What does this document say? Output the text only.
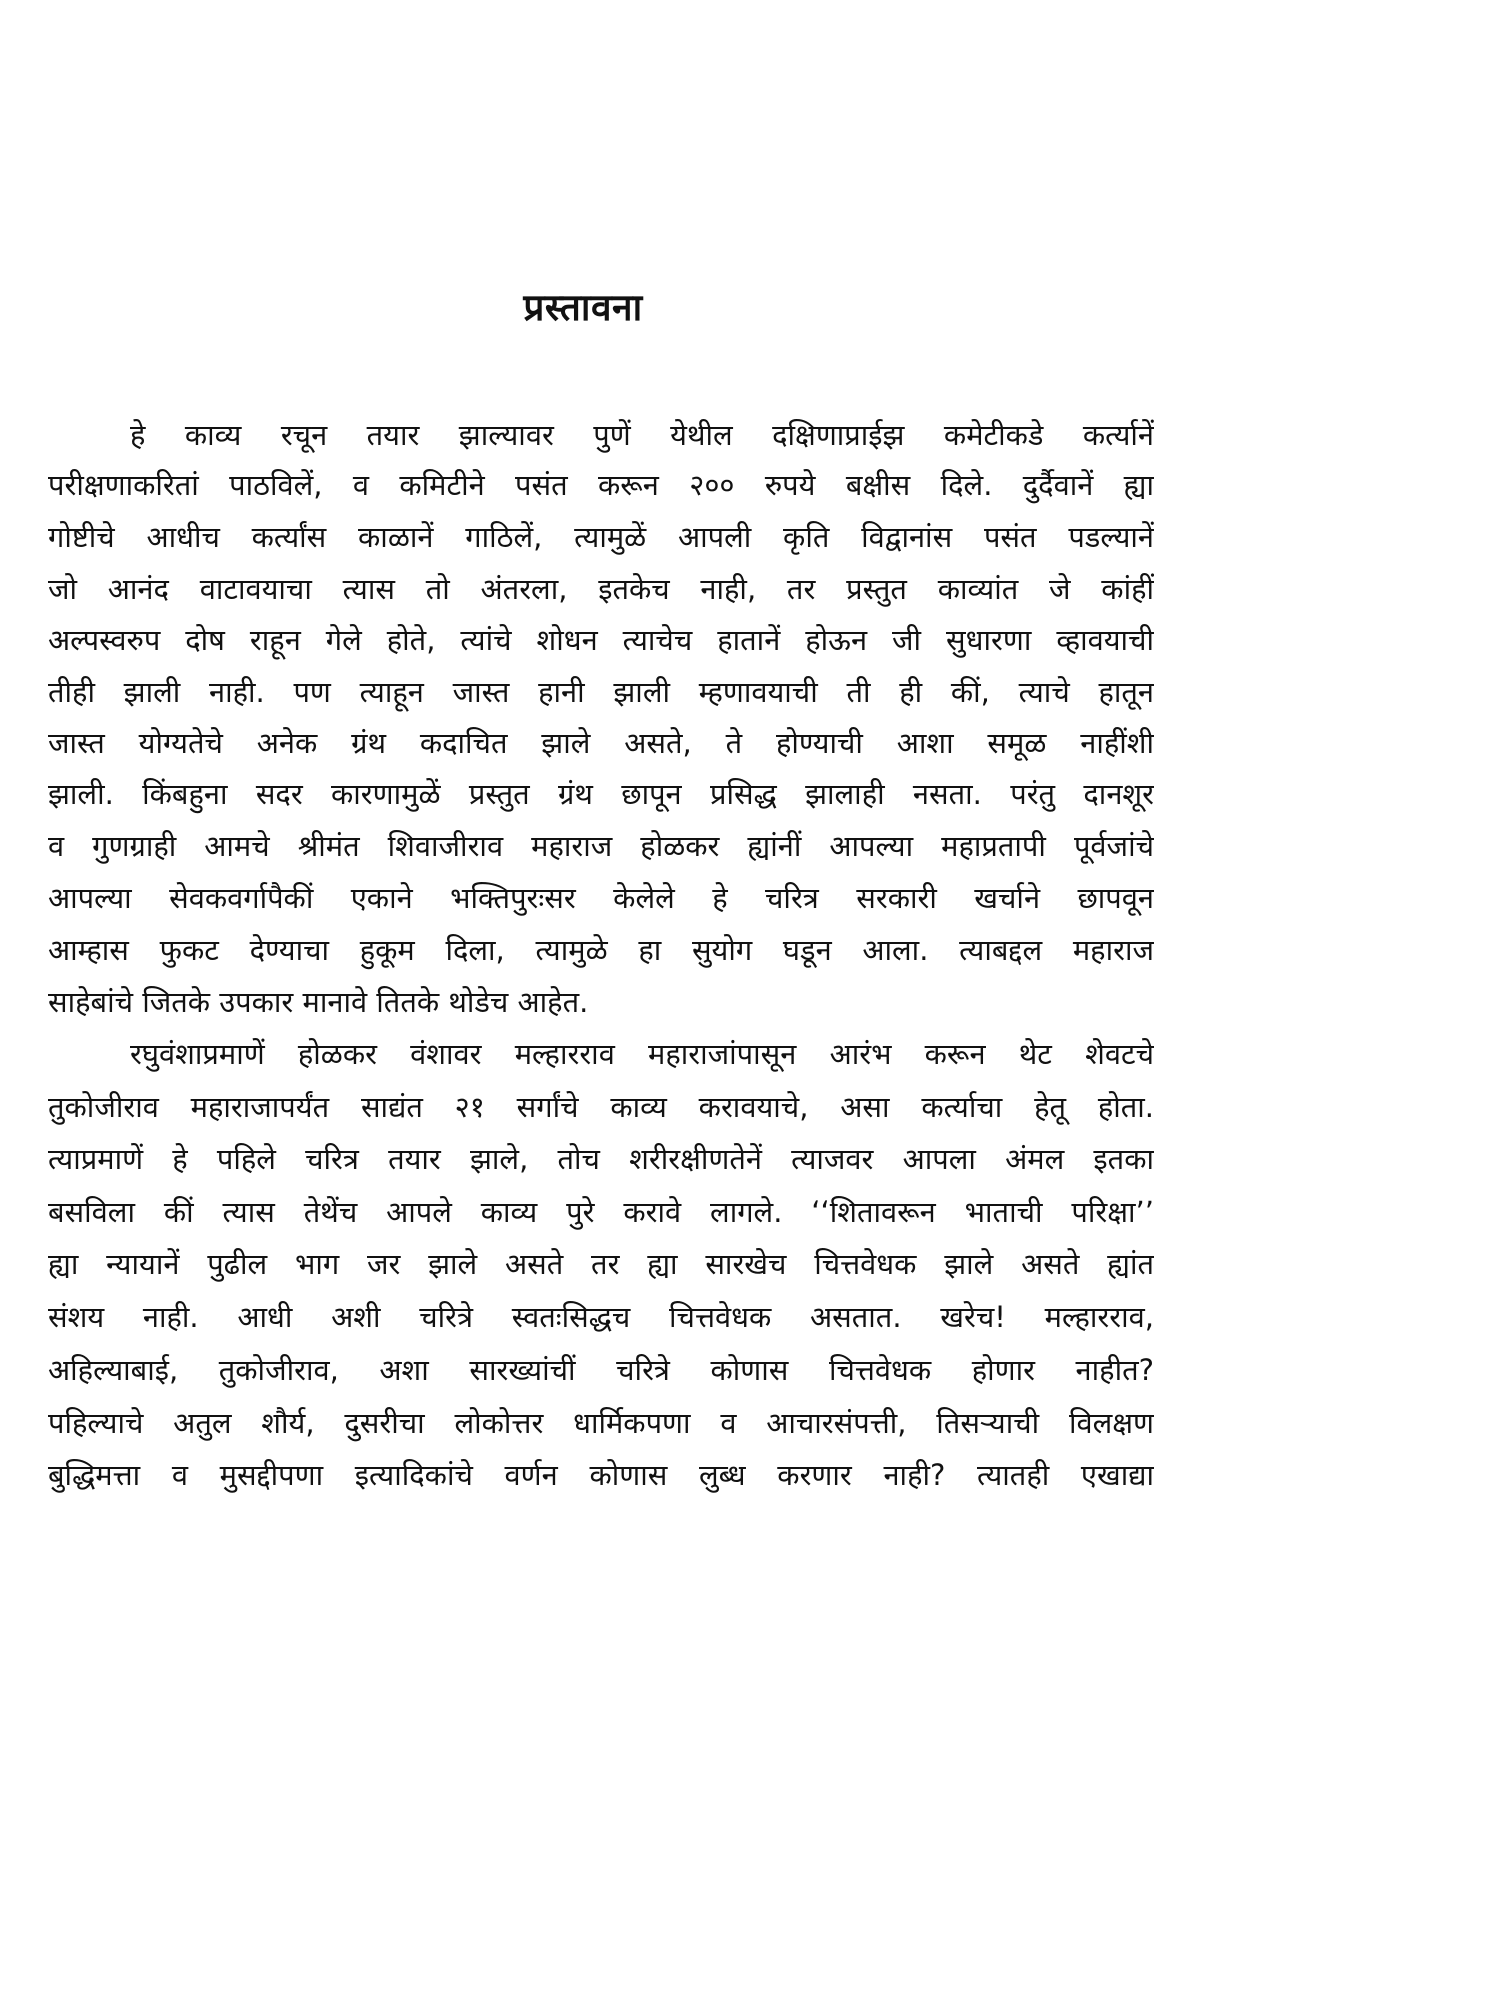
प्रस्तावना
हे काव्य रचून तयार झाल्यावर पुणें येथील दक्षिणाप्राईझ कमेटीकडे कर्त्यानें
परीक्षणाकरितां पाठविलें, व कमिटीने पसंत करून २०० रुपये बक्षीस दिले. दुर्दैवानें ह्या
गोष्टीचे आधीच कर्त्यांस काळानें गाठिलें, त्यामुळें आपली कृति विद्वानांस पसंत पडल्यानें
जो आनंद वाटावयाचा त्यास तो अंतरला, इतकेच नाही, तर प्रस्तुत काव्यांत जे कांहीं
अल्पस्वरुप दोष राहून गेले होते, त्यांचे शोधन त्याचेच हातानें होऊन जी सुधारणा व्हावयाची
तीही झाली नाही. पण त्याहून जास्त हानी झाली म्हणावयाची ती ही कीं, त्याचे हातून
जास्त योग्यतेचे अनेक ग्रंथ कदाचित झाले असते, ते होण्याची आशा समूळ नाहींशी
झाली. किंबहुना सदर कारणामुळें प्रस्तुत ग्रंथ छापून प्रसिद्ध झालाही नसता. परंतु दानशूर
व गुणग्राही आमचे श्रीमंत शिवाजीराव महाराज होळकर ह्यांनीं आपल्या महाप्रतापी पूर्वजांचे
आपल्या सेवकवर्गापैकीं एकाने भक्तिपुरःसर केलेले हे चरित्र सरकारी खर्चाने छापवून
आम्हास फुकट देण्याचा हुकूम दिला, त्यामुळे हा सुयोग घडून आला. त्याबद्दल महाराज
साहेबांचे जितके उपकार मानावे तितके थोडेच आहेत.
रघुवंशाप्रमाणें होळकर वंशावर मल्हारराव महाराजांपासून आरंभ करून थेट शेवटचे
तुकोजीराव महाराजापर्यंत साद्यंत २१ सर्गांचे काव्य करावयाचे, असा कर्त्याचा हेतू होता.
त्याप्रमाणें हे पहिले चरित्र तयार झाले, तोच शरीरक्षीणतेनें त्याजवर आपला अंमल इतका
बसविला कीं त्यास तेथेंच आपले काव्य पुरे करावे लागले. ‘‘शितावरून भाताची परिक्षा’’
ह्या न्यायानें पुढील भाग जर झाले असते तर ह्या सारखेच चित्तवेधक झाले असते ह्यांत
संशय नाही. आधी अशी चरित्रे स्वतःसिद्धच चित्तवेधक असतात. खरेच! मल्हारराव,
अहिल्याबाई, तुकोजीराव, अशा सारख्यांचीं चरित्रे कोणास चित्तवेधक होणार नाहीत?
पहिल्याचे अतुल शौर्य, दुसरीचा लोकोत्तर धार्मिकपणा व आचारसंपत्ती, तिसऱ्याची विलक्षण
बुद्धिमत्ता व मुसद्दीपणा इत्यादिकांचे वर्णन कोणास लुब्ध करणार नाही? त्यातही एखाद्या
